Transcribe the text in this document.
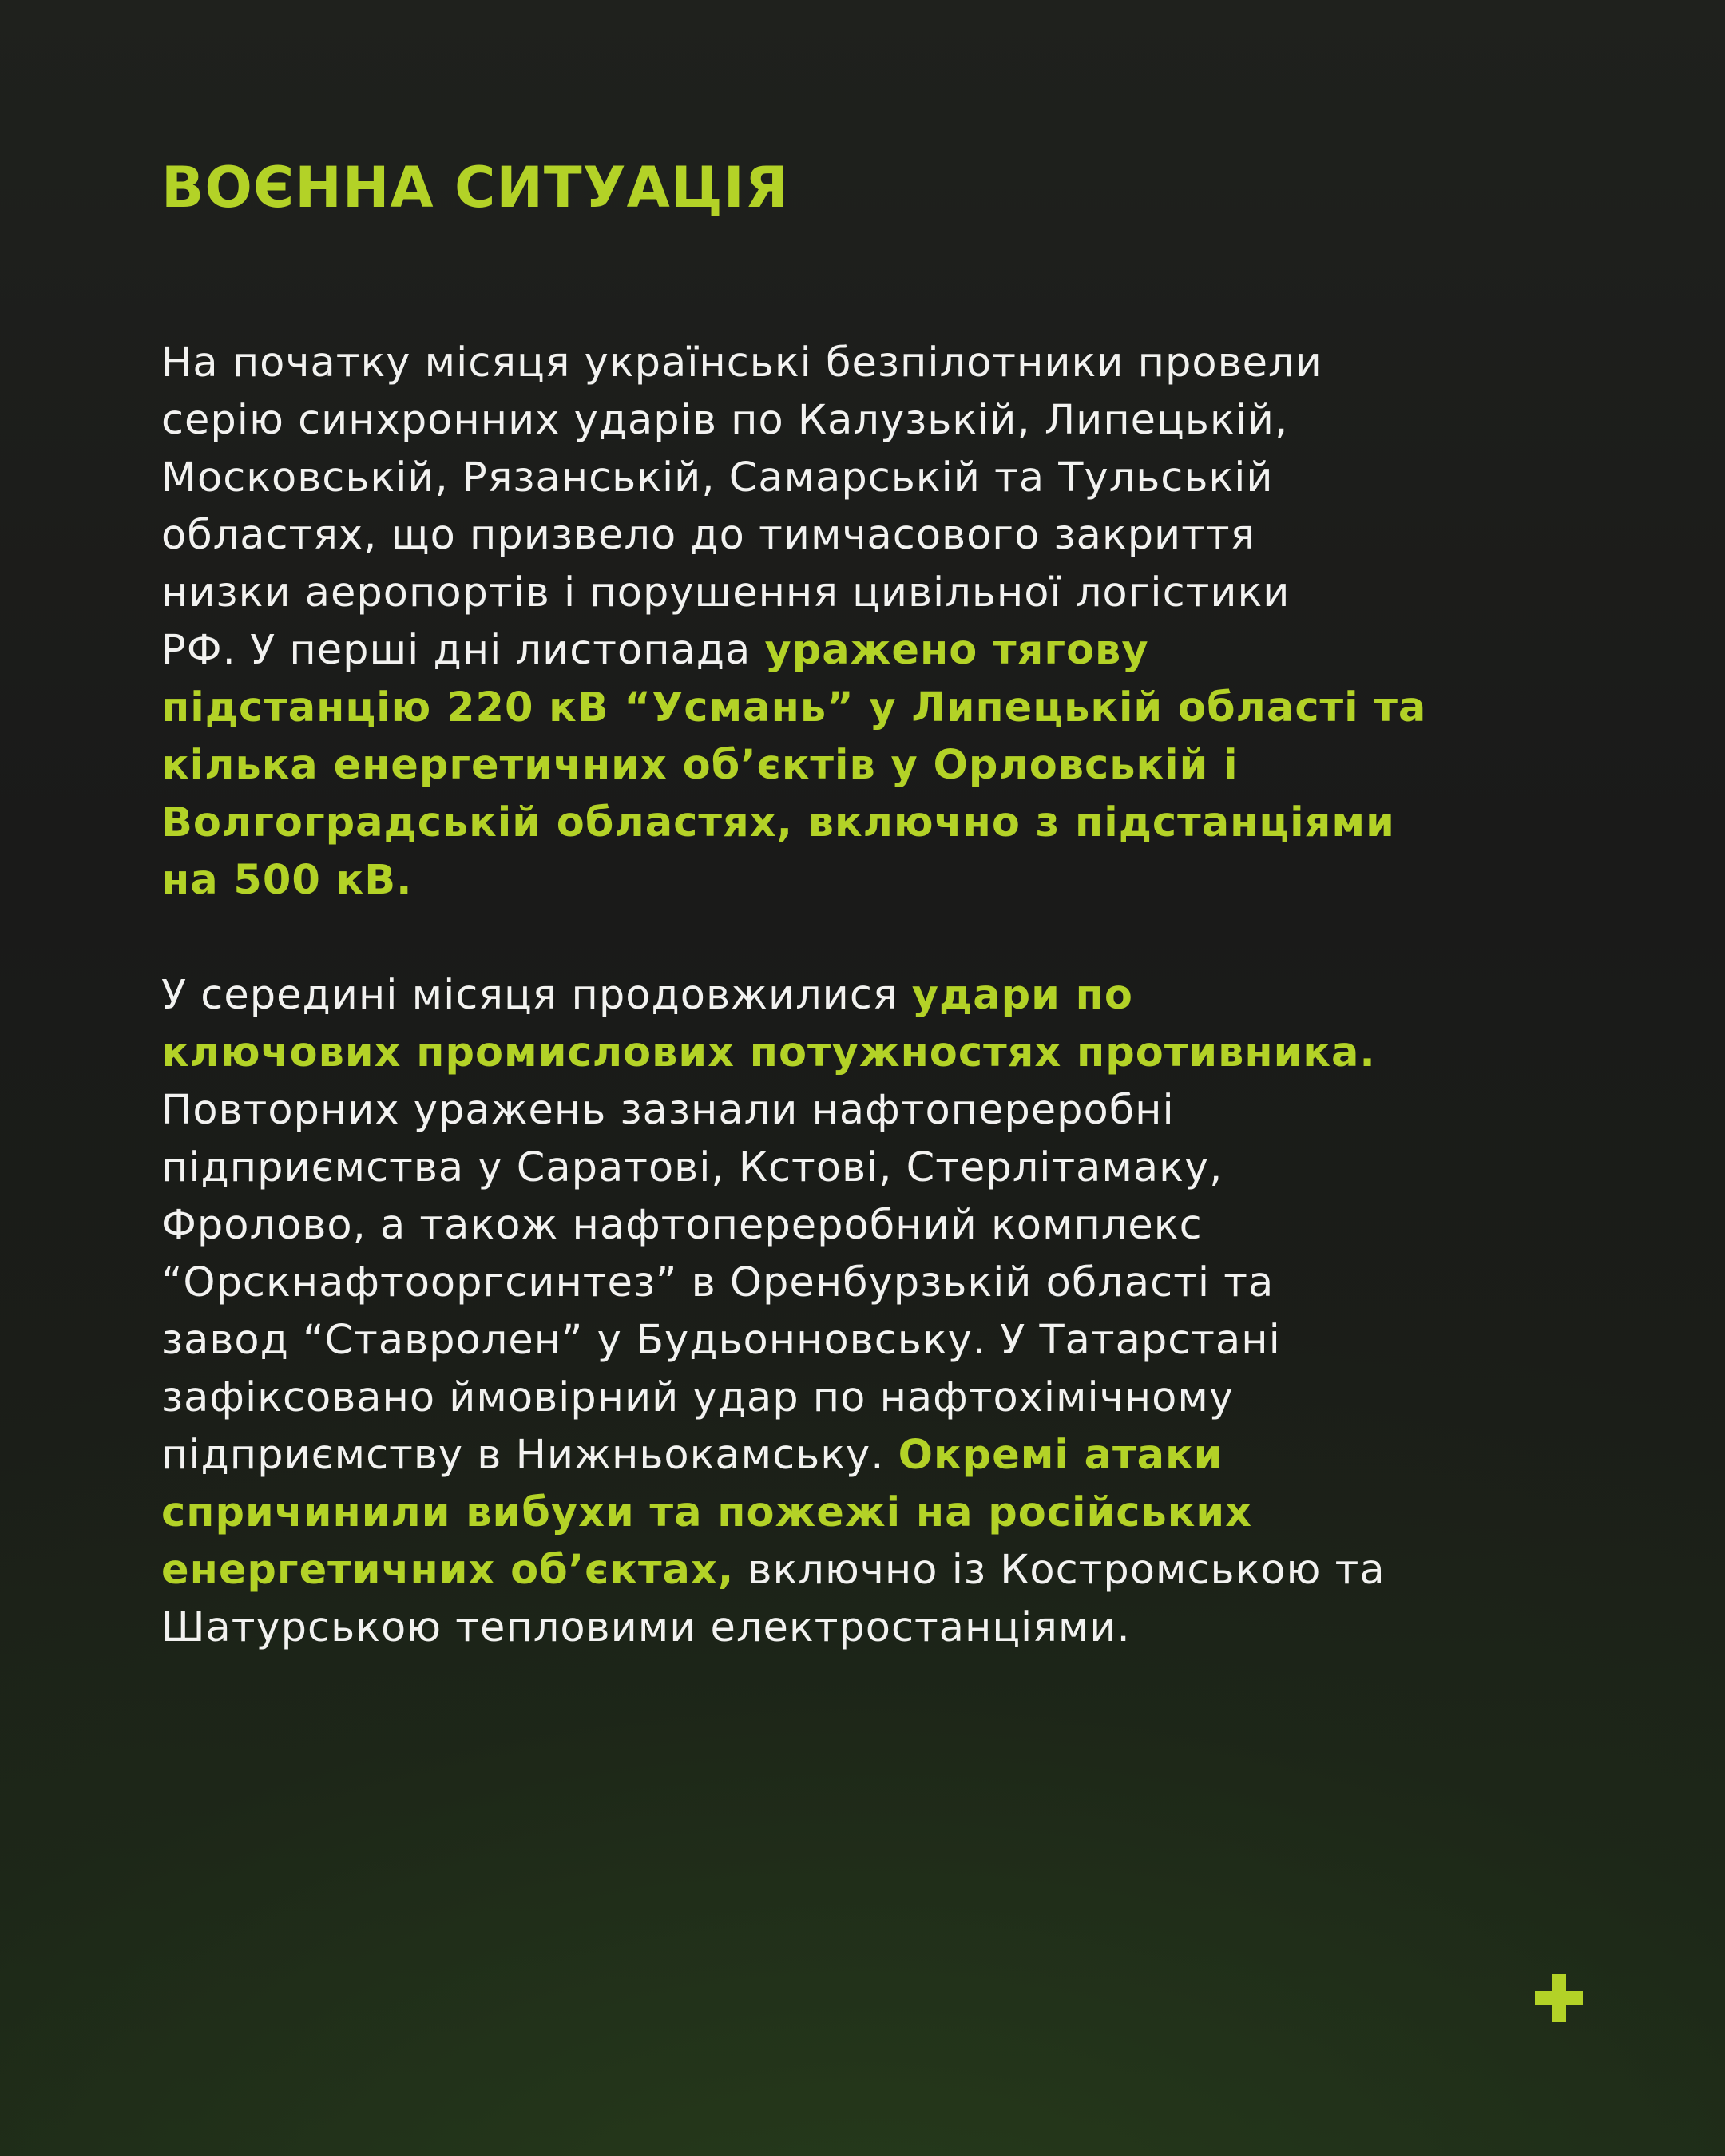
ВОЄННА СИТУАЦІЯ

На початку місяця українські безпілотники провели
серію синхронних ударів по Калузькій, Липецькій,
Московській, Рязанській, Самарській та Тульській
областях, що призвело до тимчасового закриття
низки аеропортів і порушення цивільної логістики
РФ. У перші дні листопада уражено тягову
підстанцію 220 кВ “Усмань” у Липецькій області та
кілька енергетичних об’єктів у Орловській і
Волгоградській областях, включно з підстанціями
на 500 кВ.

У середині місяця продовжилися удари по
ключових промислових потужностях противника.
Повторних уражень зазнали нафтопереробні
підприємства у Саратові, Кстові, Стерлітамаку,
Фролово, а також нафтопереробний комплекс
“Орскнафтооргсинтез” в Оренбурзькій області та
завод “Ставролен” у Будьонновську. У Татарстані
зафіксовано ймовірний удар по нафтохімічному
підприємству в Нижньокамську. Окремі атаки
спричинили вибухи та пожежі на російських
енергетичних об’єктах, включно із Костромською та
Шатурською тепловими електростанціями.
